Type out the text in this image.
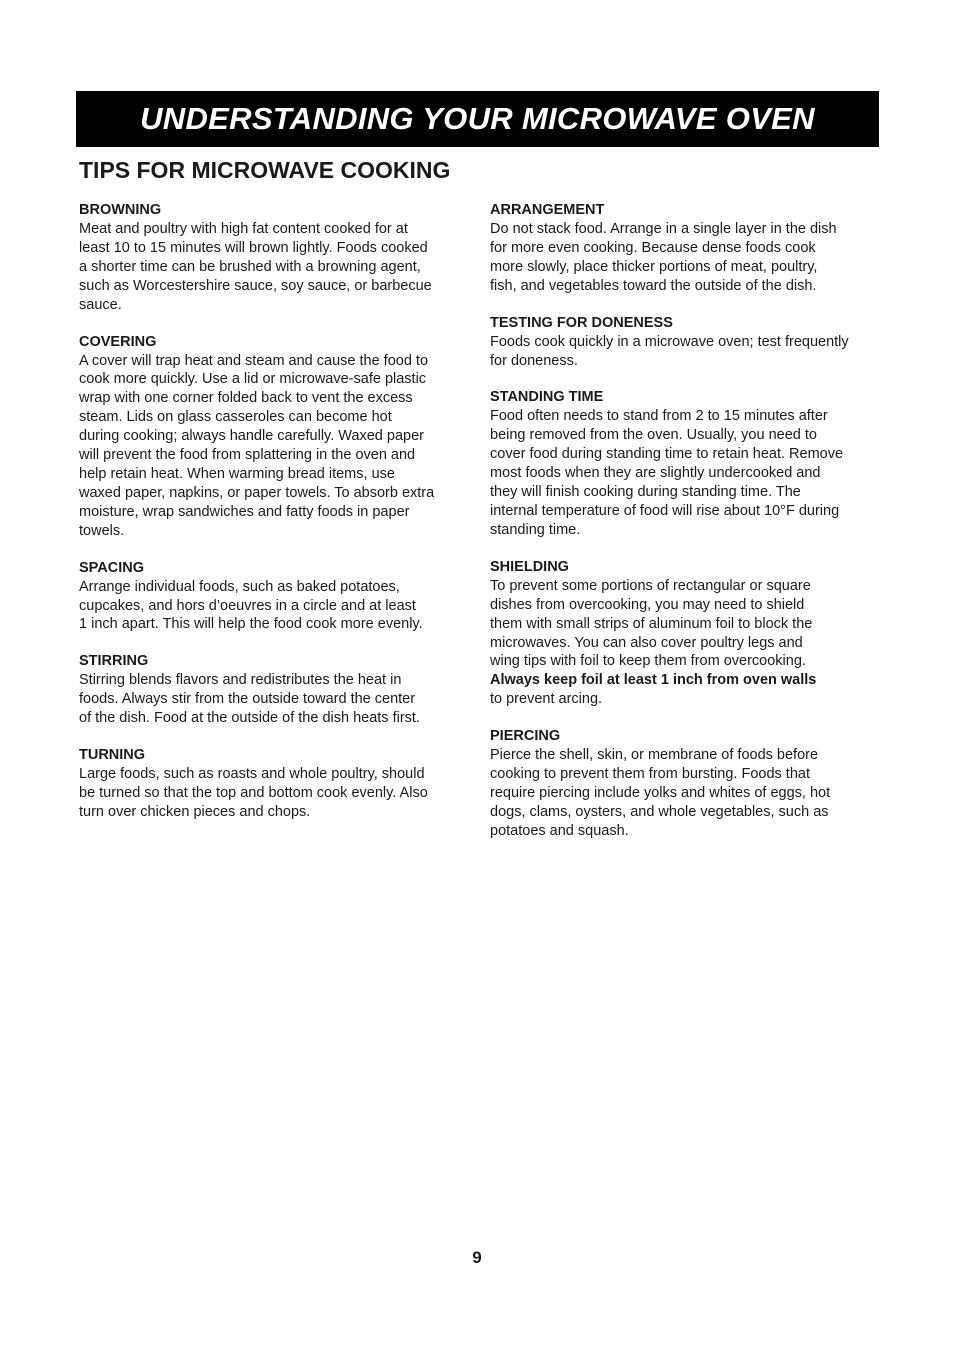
UNDERSTANDING YOUR MICROWAVE OVEN
TIPS FOR MICROWAVE COOKING

BROWNING

Meat and poultry with high fat content cooked for at
least 10 to 15 minutes will brown lightly. Foods cooked
a shorter time can be brushed with a browning agent,
such as Worcestershire sauce, soy sauce, or barbecue
sauce.

COVERING

A cover will trap heat and steam and cause the food to
cook more quickly. Use a lid or microwave-safe plastic
wrap with one corner folded back to vent the excess
steam. Lids on glass casseroles can become hot
during cooking; always handle carefully. Waxed paper
will prevent the food from splattering in the oven and
help retain heat. When warming bread items, use
waxed paper, napkins, or paper towels. To absorb extra
moisture, wrap sandwiches and fatty foods in paper
towels.

SPACING

Arrange individual foods, such as baked potatoes,
cupcakes, and hors d’oeuvres in a circle and at least
1 inch apart. This will help the food cook more evenly.

STIRRING

Stirring blends flavors and redistributes the heat in
foods. Always stir from the outside toward the center
of the dish. Food at the outside of the dish heats first.

TURNING

Large foods, such as roasts and whole poultry, should
be turned so that the top and bottom cook evenly. Also
turn over chicken pieces and chops.

ARRANGEMENT

Do not stack food. Arrange in a single layer in the dish
for more even cooking. Because dense foods cook
more slowly, place thicker portions of meat, poultry,
fish, and vegetables toward the outside of the dish.

TESTING FOR DONENESS

Foods cook quickly in a microwave oven; test frequently
for doneness.

STANDING TIME

Food often needs to stand from 2 to 15 minutes after
being removed from the oven. Usually, you need to
cover food during standing time to retain heat. Remove
most foods when they are slightly undercooked and
they will finish cooking during standing time. The
internal temperature of food will rise about 10°F during
standing time.

SHIELDING

To prevent some portions of rectangular or square
dishes from overcooking, you may need to shield
them with small strips of aluminum foil to block the
microwaves. You can also cover poultry legs and
wing tips with foil to keep them from overcooking.
Always keep foil at least 1 inch from oven walls
to prevent arcing.

PIERCING

Pierce the shell, skin, or membrane of foods before
cooking to prevent them from bursting. Foods that
require piercing include yolks and whites of eggs, hot
dogs, clams, oysters, and whole vegetables, such as
potatoes and squash.

9
